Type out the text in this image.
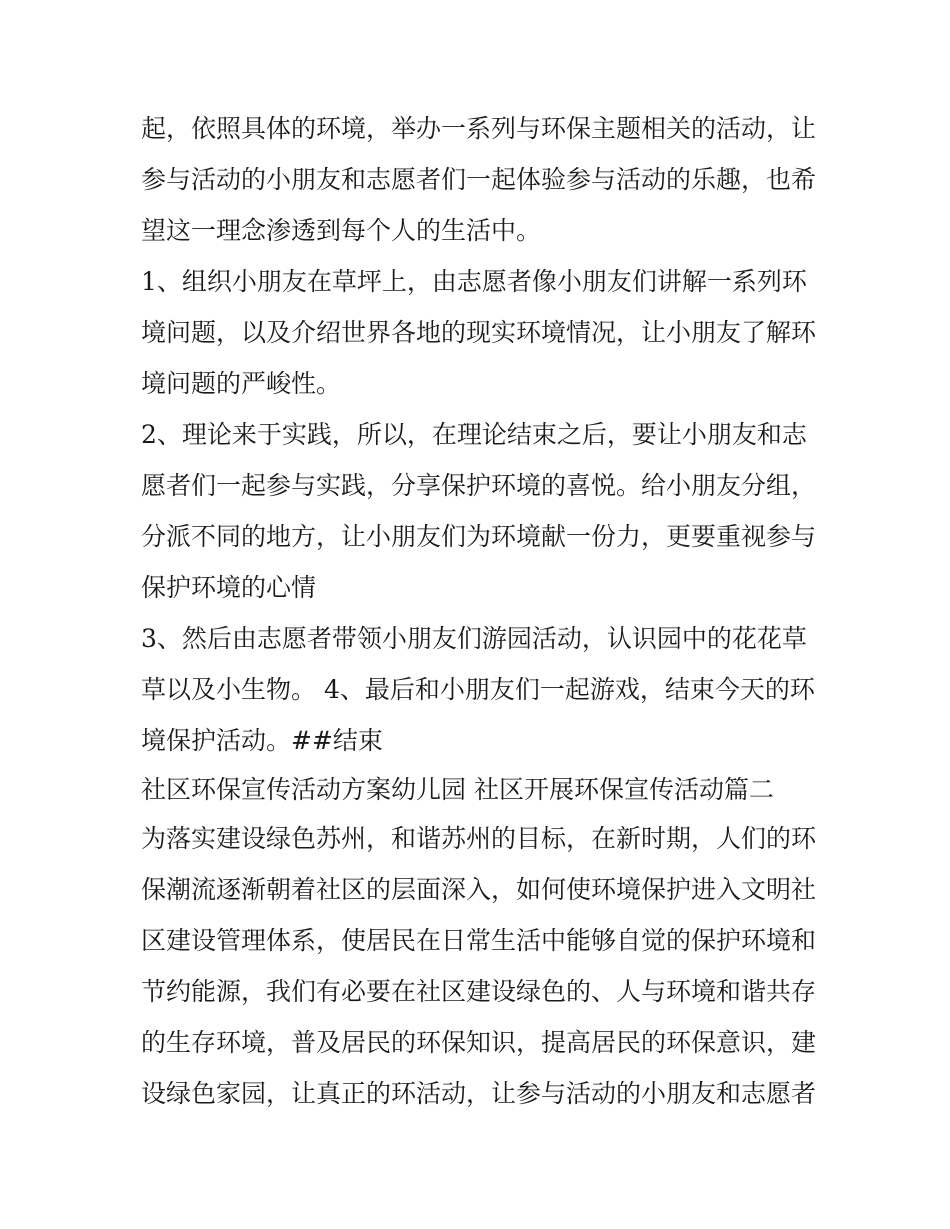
起，依照具体的环境，举办一系列与环保主题相关的活动，让
参与活动的小朋友和志愿者们一起体验参与活动的乐趣，也希
望这一理念渗透到每个人的生活中。
1、组织小朋友在草坪上，由志愿者像小朋友们讲解一系列环
境问题，以及介绍世界各地的现实环境情况，让小朋友了解环
境问题的严峻性。
2、理论来于实践，所以，在理论结束之后，要让小朋友和志
愿者们一起参与实践，分享保护环境的喜悦。给小朋友分组，
分派不同的地方，让小朋友们为环境献一份力，更要重视参与
保护环境的心情
3、然后由志愿者带领小朋友们游园活动，认识园中的花花草
草以及小生物。 4、最后和小朋友们一起游戏，结束今天的环
境保护活动。##结束
社区环保宣传活动方案幼儿园 社区开展环保宣传活动篇二
为落实建设绿色苏州，和谐苏州的目标，在新时期，人们的环
保潮流逐渐朝着社区的层面深入，如何使环境保护进入文明社
区建设管理体系，使居民在日常生活中能够自觉的保护环境和
节约能源，我们有必要在社区建设绿色的、人与环境和谐共存
的生存环境，普及居民的环保知识，提高居民的环保意识，建
设绿色家园，让真正的环活动，让参与活动的小朋友和志愿者
